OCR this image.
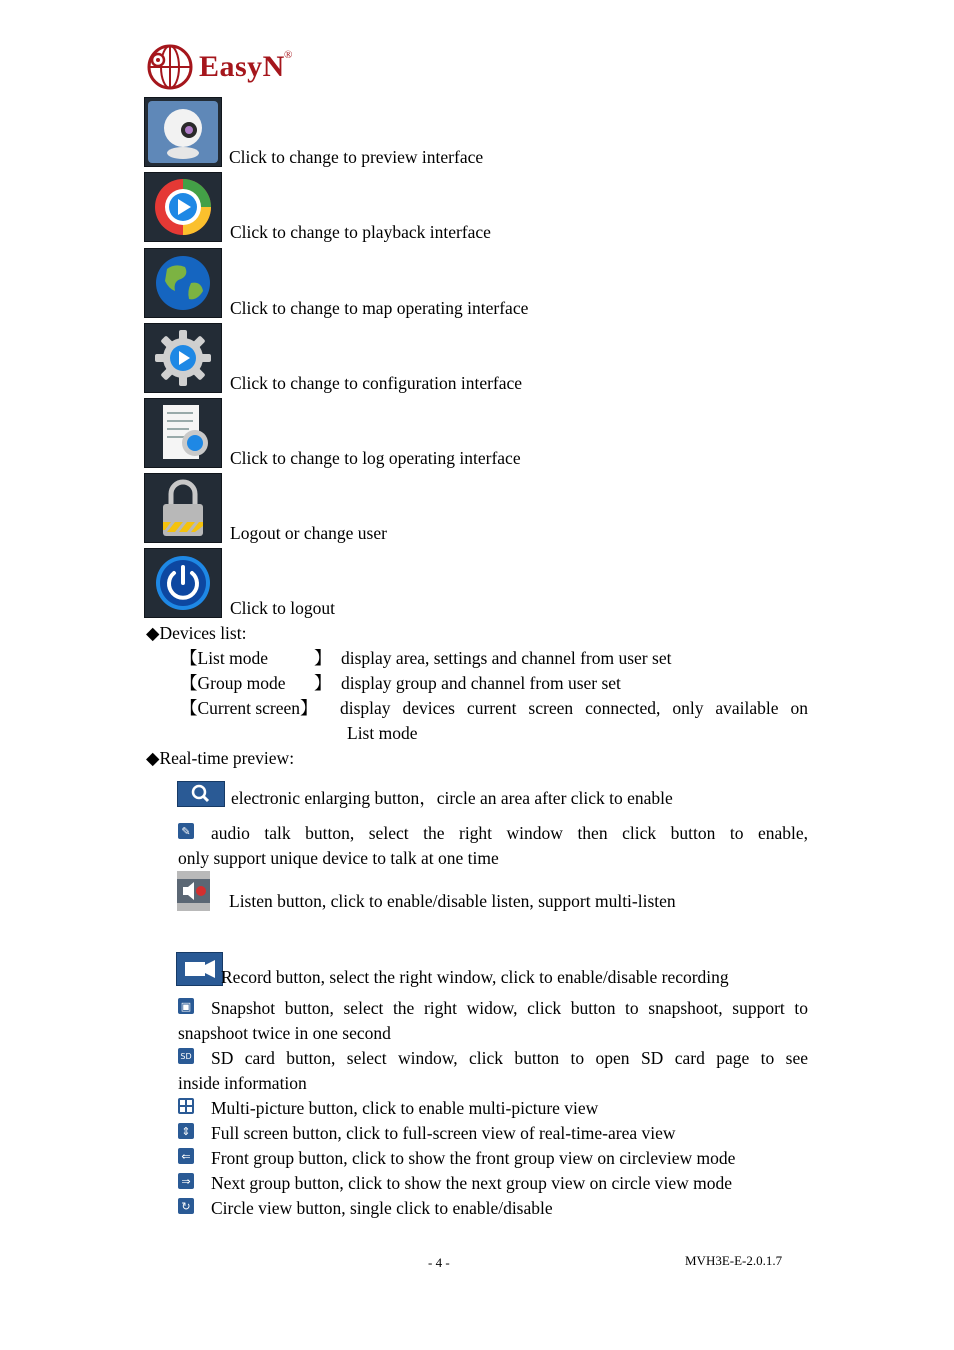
EasyN ®
Click to change to preview interface
Click to change to playback interface
Click to change to map operating interface
Click to change to configuration interface
Click to change to log operating interface
Logout or change user
Click to logout
◆Devices list:
【List mode	】 display area, settings and channel from user set
【Group mode 】 display group and channel from user set
【Current screen】 display devices current screen connected, only available on
List mode
◆Real-time preview:
electronic enlarging button，circle an area after click to enable
✎ audio talk button, select the right window then click button to enable,
only support unique device to talk at one time
Listen button, click to enable/disable listen, support multi-listen
Record button, select the right window, click to enable/disable recording
▣ Snapshot button, select the right widow, click button to snapshoot, support to
snapshoot twice in one second
SD SD card button, select window, click button to open SD card page to see
inside information
Multi-picture button, click to enable multi-picture view
⇕ Full screen button, click to full-screen view of real-time-area view
⇐ Front group button, click to show the front group view on circleview mode
⇒ Next group button, click to show the next group view on circle view mode
↻ Circle view button, single click to enable/disable
- 4 -	MVH3E-E-2.0.1.7
